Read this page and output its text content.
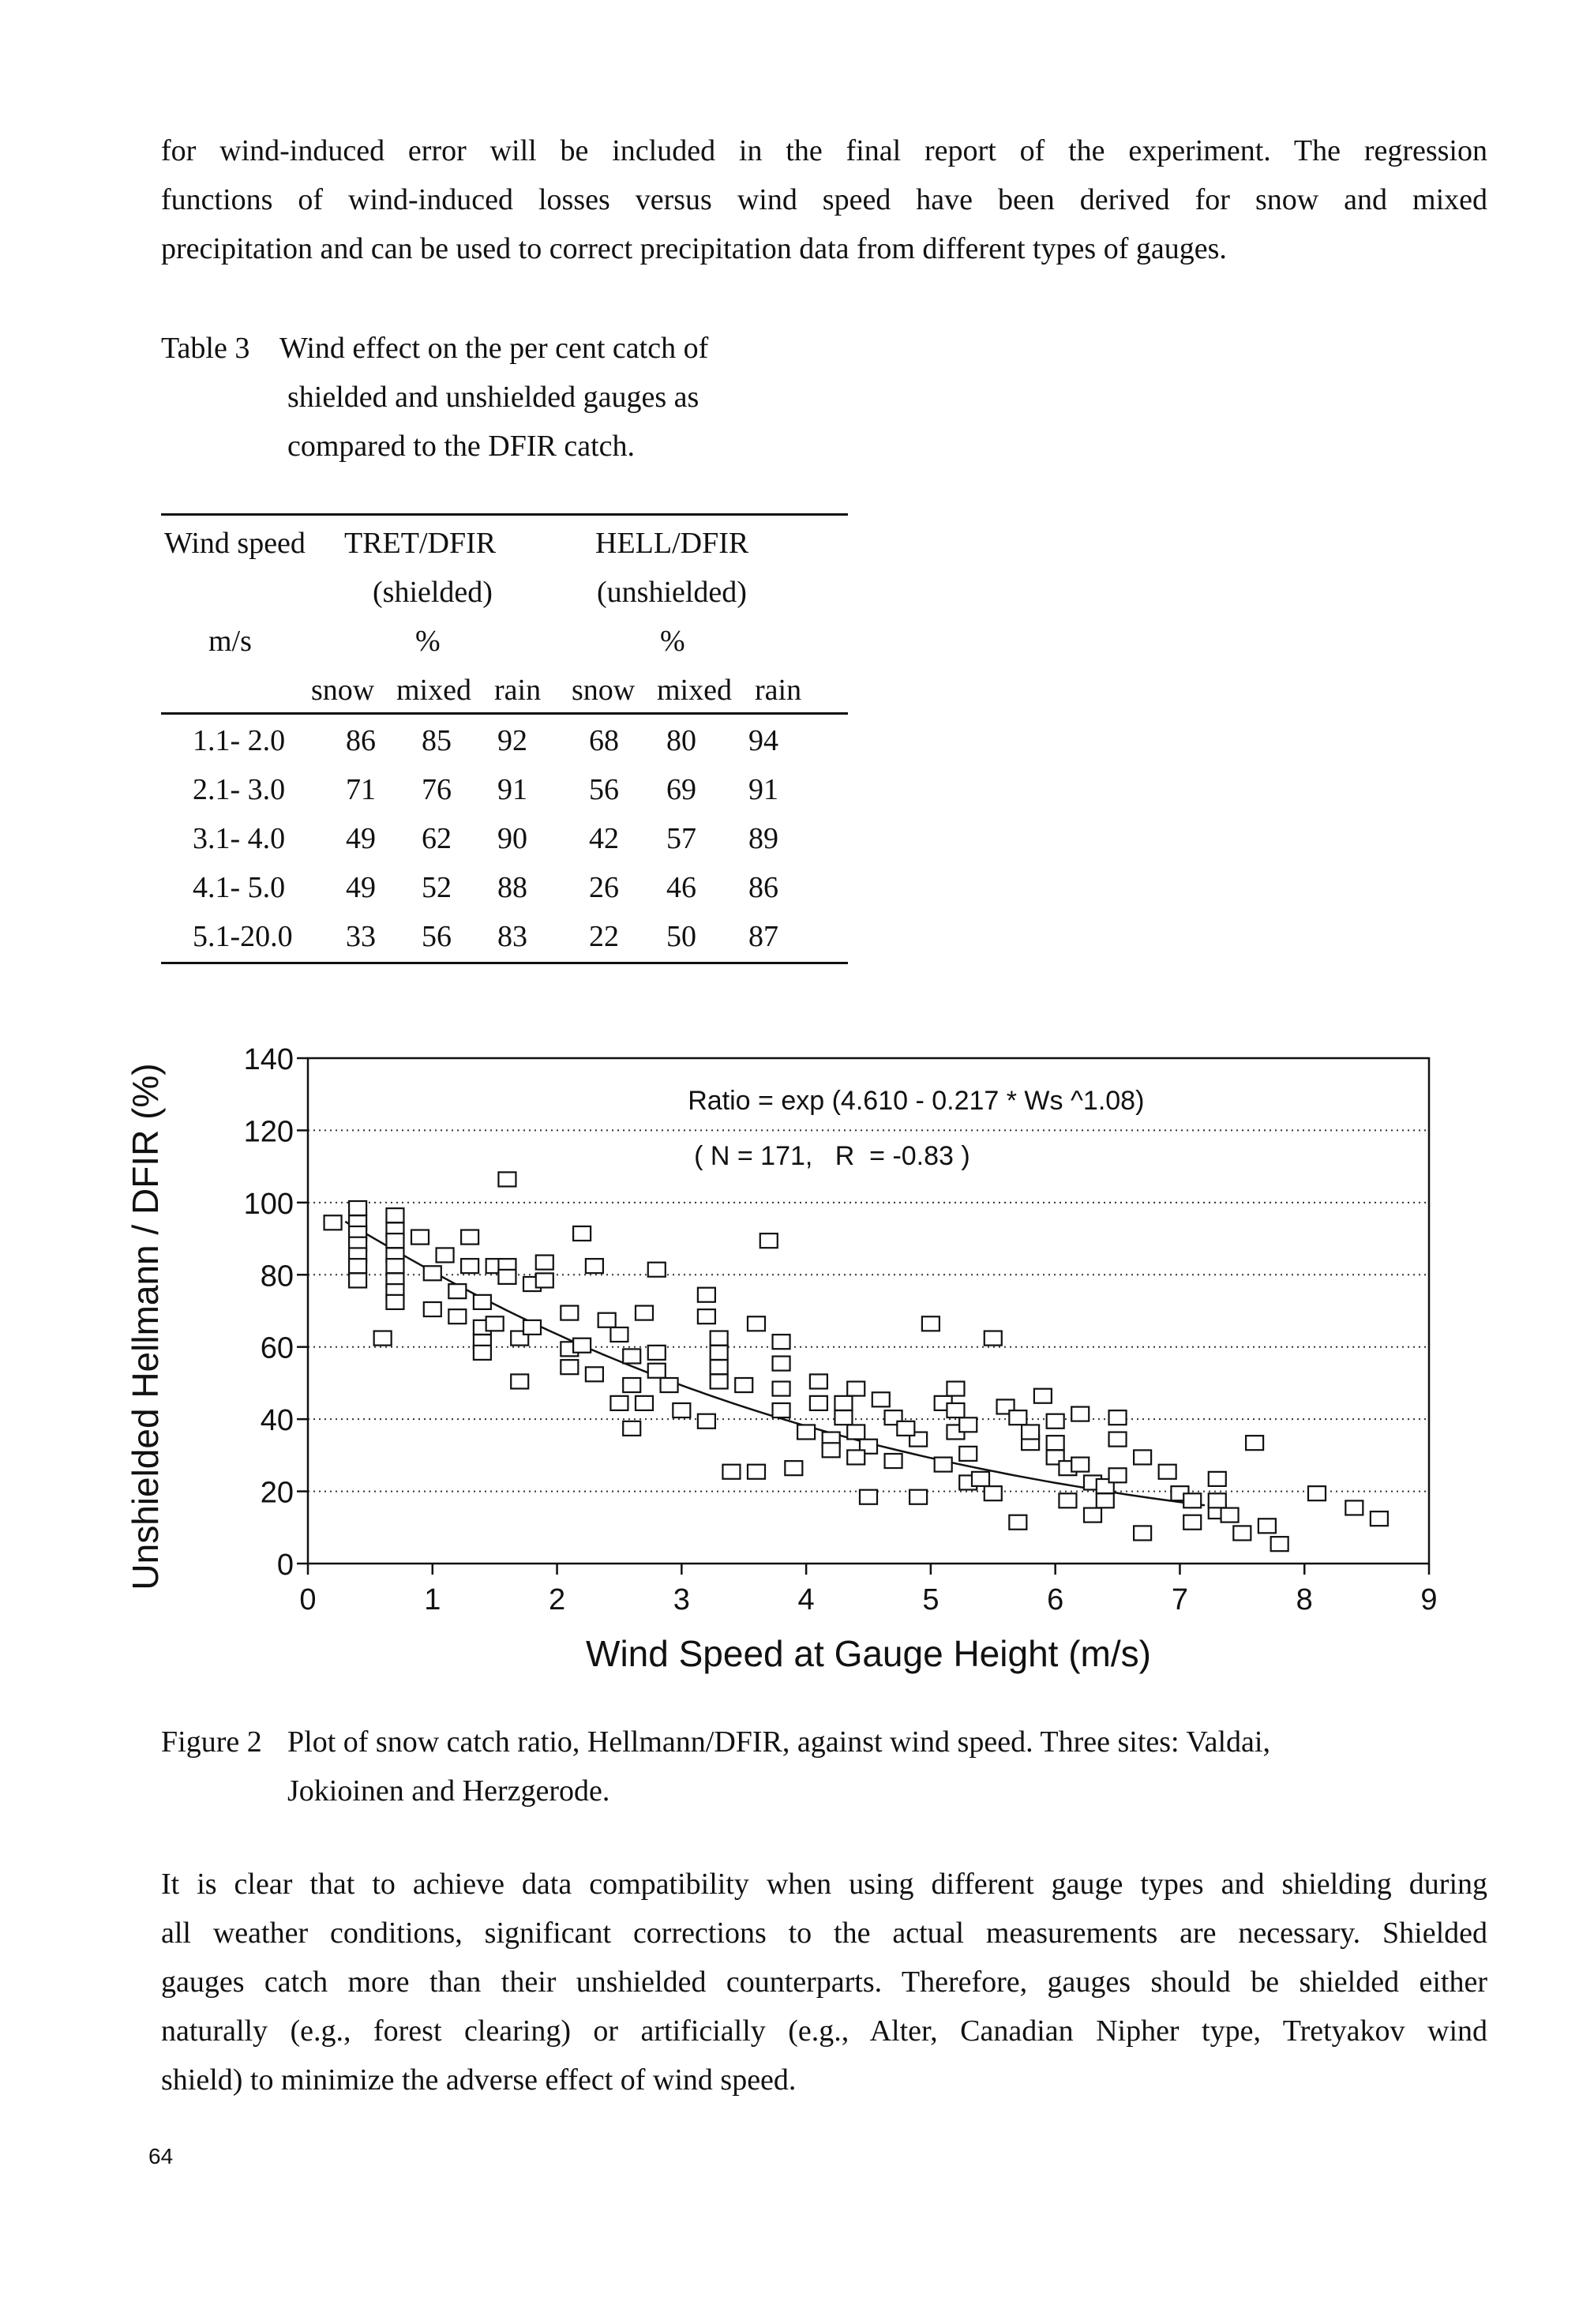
for wind-induced error will be included in the final report of the experiment. The regression
functions of wind-induced losses versus wind speed have been derived for snow and mixed
precipitation and can be used to correct precipitation data from different types of gauges.
Table 3 Wind effect on the per cent catch of
shielded and unshielded gauges as
compared to the DFIR catch.
Wind speed TRET/DFIR	HELL/DFIR
(shielded)	(unshielded)
m/s	%	%
snow mixed rain snow mixed rain
1.1- 2.0 86 85 92 68 80 94
2.1- 3.0 71 76 91 56 69 91
3.1- 4.0 49 62 90 42 57 89
4.1- 5.0 49 52 88 26 46 86
5.1-20.0 33 56 83 22 50 87
0
20
40
60
80
100
120
140
0	1	2	3	4	5	6	7	8	9
Ratio = exp (4.610 - 0.217 * Ws ^1.08)
( N = 171,   R  = -0.83 )
Wind Speed at Gauge Height (m/s)
Unshielded Hellmann / DFIR (%)
Figure 2 Plot of snow catch ratio, Hellmann/DFIR, against wind speed. Three sites: Valdai,
Jokioinen and Herzgerode.
It is clear that to achieve data compatibility when using different gauge types and shielding during
all weather conditions, significant corrections to the actual measurements are necessary. Shielded
gauges catch more than their unshielded counterparts. Therefore, gauges should be shielded either
naturally (e.g., forest clearing) or artificially (e.g., Alter, Canadian Nipher type, Tretyakov wind
shield) to minimize the adverse effect of wind speed.
64
